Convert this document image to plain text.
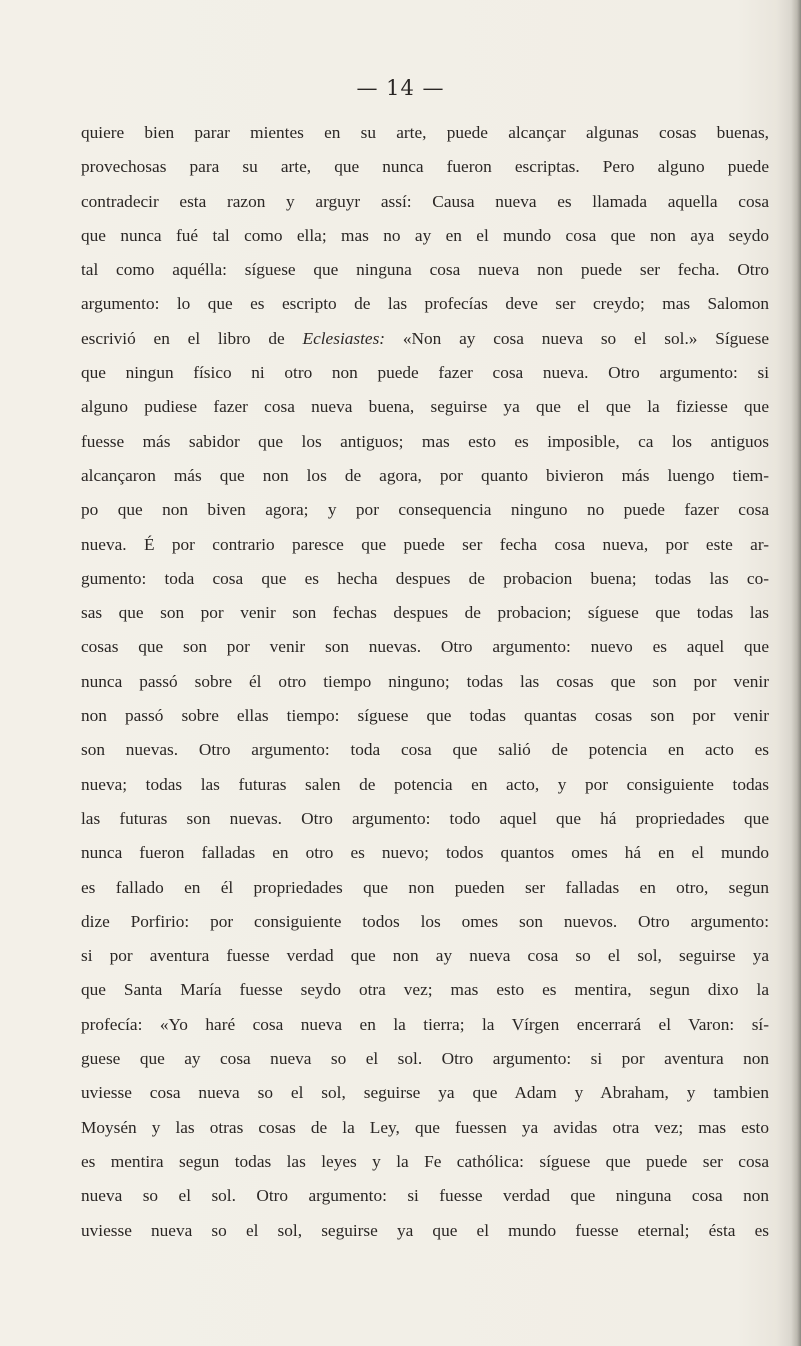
— 14 —
quiere bien parar mientes en su arte, puede alcançar algunas cosas buenas,
provechosas para su arte, que nunca fueron escriptas. Pero alguno puede
contradecir esta razon y arguyr assí: Causa nueva es llamada aquella cosa
que nunca fué tal como ella; mas no ay en el mundo cosa que non aya seydo
tal como aquélla: síguese que ninguna cosa nueva non puede ser fecha. Otro
argumento: lo que es escripto de las profecías deve ser creydo; mas Salomon
escrivió en el libro de Eclesiastes: «Non ay cosa nueva so el sol.» Síguese
que ningun físico ni otro non puede fazer cosa nueva. Otro argumento: si
alguno pudiese fazer cosa nueva buena, seguirse ya que el que la fiziesse que
fuesse más sabidor que los antiguos; mas esto es imposible, ca los antiguos
alcançaron más que non los de agora, por quanto bivieron más luengo tiem-
po que non biven agora; y por consequencia ninguno no puede fazer cosa
nueva. É por contrario paresce que puede ser fecha cosa nueva, por este ar-
gumento: toda cosa que es hecha despues de probacion buena; todas las co-
sas que son por venir son fechas despues de probacion; síguese que todas las
cosas que son por venir son nuevas. Otro argumento: nuevo es aquel que
nunca passó sobre él otro tiempo ninguno; todas las cosas que son por venir
non passó sobre ellas tiempo: síguese que todas quantas cosas son por venir
son nuevas. Otro argumento: toda cosa que salió de potencia en acto es
nueva; todas las futuras salen de potencia en acto, y por consiguiente todas
las futuras son nuevas. Otro argumento: todo aquel que há propriedades que
nunca fueron falladas en otro es nuevo; todos quantos omes há en el mundo
es fallado en él propriedades que non pueden ser falladas en otro, segun
dize Porfirio: por consiguiente todos los omes son nuevos. Otro argumento:
si por aventura fuesse verdad que non ay nueva cosa so el sol, seguirse ya
que Santa María fuesse seydo otra vez; mas esto es mentira, segun dixo la
profecía: «Yo haré cosa nueva en la tierra; la Vírgen encerrará el Varon: sí-
guese que ay cosa nueva so el sol. Otro argumento: si por aventura non
uviesse cosa nueva so el sol, seguirse ya que Adam y Abraham, y tambien
Moysén y las otras cosas de la Ley, que fuessen ya avidas otra vez; mas esto
es mentira segun todas las leyes y la Fe cathólica: síguese que puede ser cosa
nueva so el sol. Otro argumento: si fuesse verdad que ninguna cosa non
uviesse nueva so el sol, seguirse ya que el mundo fuesse eternal; ésta es
